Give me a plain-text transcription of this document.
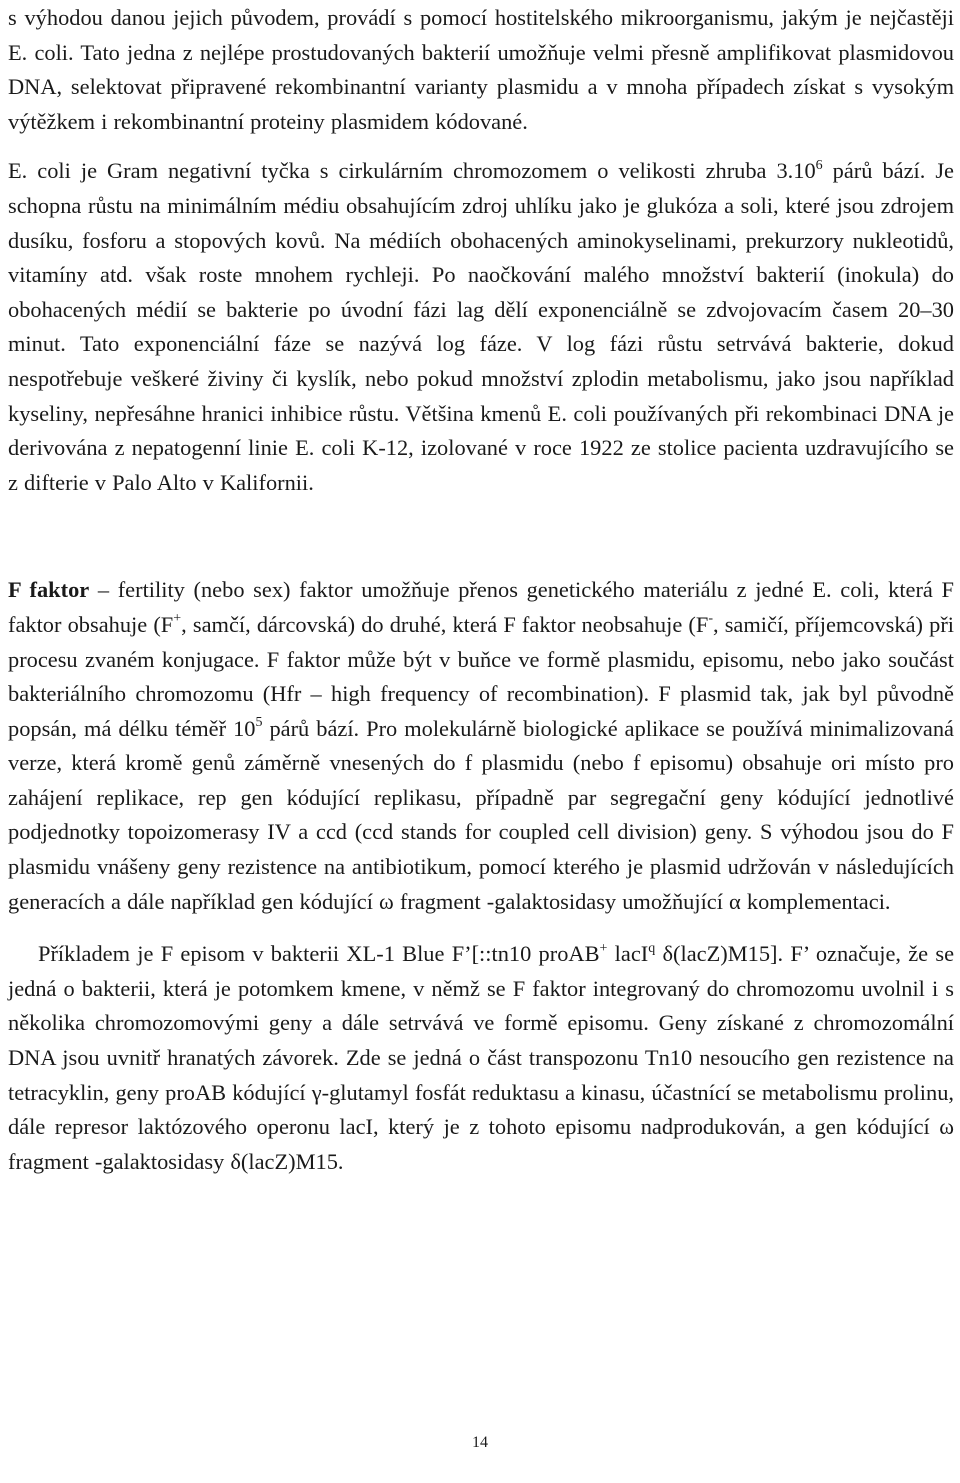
s výhodou danou jejich původem, provádí s pomocí hostitelského mikroorganismu, jakým je nejčastěji E. coli. Tato jedna z nejlépe prostudovaných bakterií umožňuje velmi přesně amplifikovat plasmidovou DNA, selektovat připravené rekombinantní varianty plasmidu a v mnoha případech získat s vysokým výtěžkem i rekombinantní proteiny plasmidem kódované.

E. coli je Gram negativní tyčka s cirkulárním chromozomem o velikosti zhruba 3.10$^6$ párů bází. Je schopna růstu na minimálním médiu obsahujícím zdroj uhlíku jako je glukóza a soli, které jsou zdrojem dusíku, fosforu a stopových kovů. Na médiích obohacených aminokyselinami, prekurzory nukleotidů, vitamíny atd. však roste mnohem rychleji. Po naočkování malého množství bakterií (inokula) do obohacených médií se bakterie po úvodní fázi lag dělí exponenciálně se zdvojovacím časem 20–30 minut. Tato exponenciální fáze se nazývá log fáze. V log fázi růstu setrvává bakterie, dokud nespotřebuje veškeré živiny či kyslík, nebo pokud množství zplodin metabolismu, jako jsou například kyseliny, nepřesáhne hranici inhibice růstu. Většina kmenů E. coli používaných při rekombinaci DNA je derivována z nepatogenní linie E. coli K-12, izolované v roce 1922 ze stolice pacienta uzdravujícího se z difterie v Palo Alto v Kalifornii.

F faktor – fertility (nebo sex) faktor umožňuje přenos genetického materiálu z jedné E. coli, která F faktor obsahuje (F+, samčí, dárcovská) do druhé, která F faktor neobsahuje (F-, samičí, příjemcovská) při procesu zvaném konjugace. F faktor může být v buňce ve formě plasmidu, episomu, nebo jako součást bakteriálního chromozomu (Hfr – high frequency of recombination). F plasmid tak, jak byl původně popsán, má délku téměř $10^5$ párů bází. Pro molekulárně biologické aplikace se používá minimalizovaná verze, která kromě genů záměrně vnesených do f plasmidu (nebo f episomu) obsahuje ori místo pro zahájení replikace, rep gen kódující replikasu, případně par segregační geny kódující jednotlivé podjednotky topoizomerasy IV a ccd (ccd stands for coupled cell division) geny. S výhodou jsou do F plasmidu vnášeny geny rezistence na antibiotikum, pomocí kterého je plasmid udržován v následujících generacích a dále například gen kódující ω fragment -galaktosidasy umožňující α komplementaci.

Příkladem je F episom v bakterii XL-1 Blue F’[::tn10 proAB+ lacI$^q$ δ(lacZ)M15]. F’ označuje, že se jedná o bakterii, která je potomkem kmene, v němž se F faktor integrovaný do chromozomu uvolnil i s několika chromozomovými geny a dále setrvává ve formě episomu. Geny získané z chromozomální DNA jsou uvnitř hranatých závorek. Zde se jedná o část transpozonu Tn10 nesoucího gen rezistence na tetracyklin, geny proAB kódující γ-glutamyl fosfát reduktasu a kinasu, účastnící se metabolismu prolinu, dále represor laktózového operonu lacI, který je z tohoto episomu nadprodukován, a gen kódující ω fragment -galaktosidasy δ(lacZ)M15.

14
